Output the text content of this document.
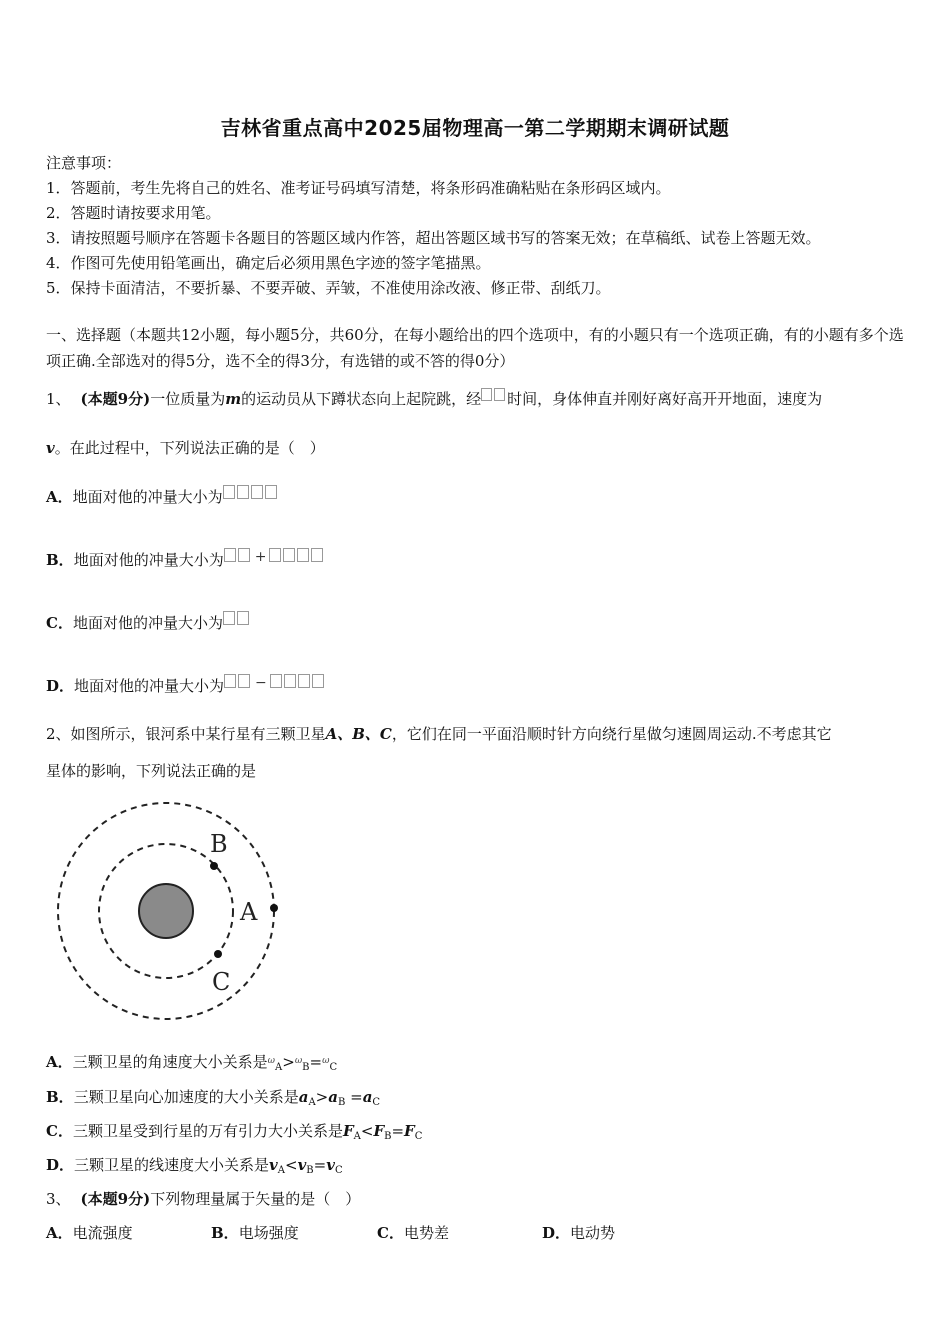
吉林省重点高中2025届物理高一第二学期期末调研试题
注意事项：
1．答题前，考生先将自己的姓名、准考证号码填写清楚，将条形码准确粘贴在条形码区域内。
2．答题时请按要求用笔。
3．请按照题号顺序在答题卡各题目的答题区域内作答，超出答题区域书写的答案无效；在草稿纸、试卷上答题无效。
4．作图可先使用铅笔画出，确定后必须用黑色字迹的签字笔描黑。
5．保持卡面清洁，不要折暴、不要弄破、弄皱，不准使用涂改液、修正带、刮纸刀。
一、选择题（本题共12小题，每小题5分，共60分，在每小题给出的四个选项中，有的小题只有一个选项正确，有的小题有多个选项正确.全部选对的得5分，选不全的得3分，有选错的或不答的得0分）
1、 (本题9分)一位质量为m的运动员从下蹲状态向上起院跳，经 时间，身体伸直并刚好离好高开开地面，速度为
v。在此过程中，下列说法正确的是（　）
A．地面对他的冲量大小为
B．地面对他的冲量大小为 +
C．地面对他的冲量大小为
D．地面对他的冲量大小为 −
2、如图所示，银河系中某行星有三颗卫星A、B、C，它们在同一平面沿顺时针方向绕行星做匀速圆周运动.不考虑其它
星体的影响，下列说法正确的是
A
B
C
A．三颗卫星的角速度大小关系是$^\omega_A$>$^\omega_B$=$^\omega_C$
B．三颗卫星向心加速度的大小关系是$a_A>a_B =a_C$
C．三颗卫星受到行星的万有引力大小关系是$F_A<F_B=F_C$
D．三颗卫星的线速度大小关系是$v_A<v_B=v_C$
3、 (本题9分)下列物理量属于矢量的是（　）
A．电流强度	B．电场强度	C．电势差	D．电动势
